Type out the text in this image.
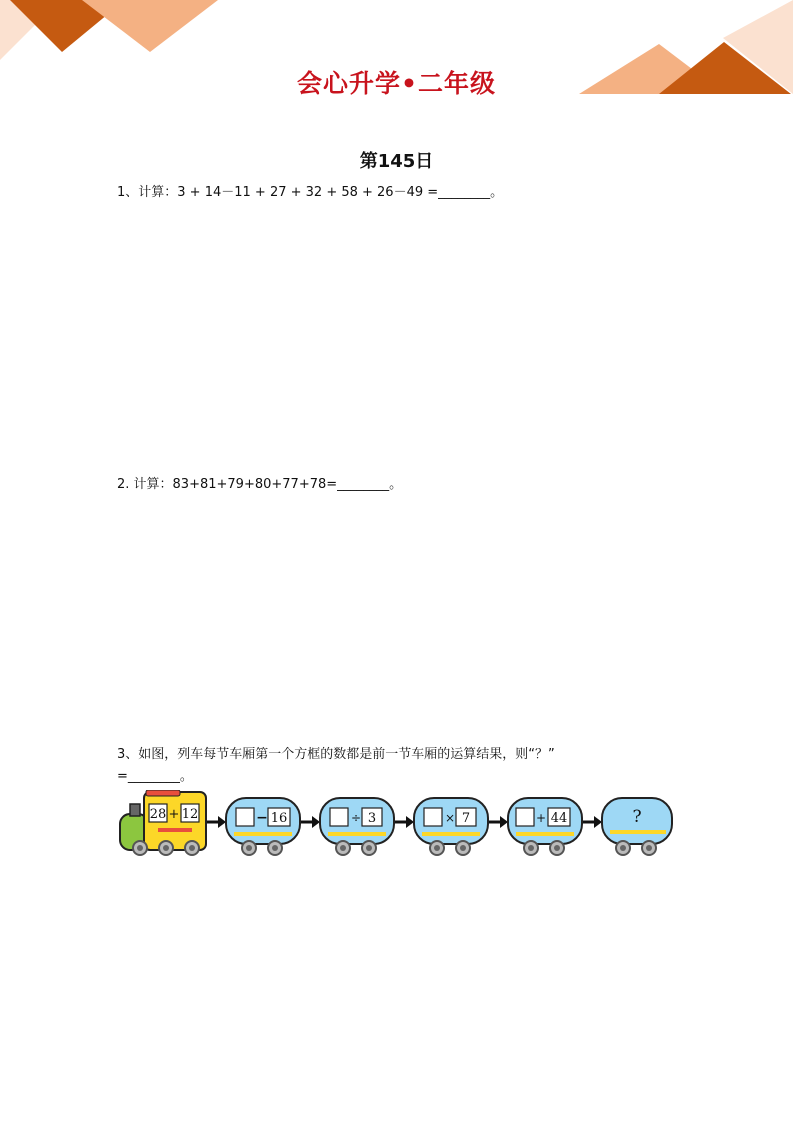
会心升学•二年级
第145日
1、计算：3 + 14－11 + 27 + 32 + 58 + 26－49 =________。
2. 计算：83+81+79+80+77+78=________。
3、如图，列车每节车厢第一个方框的数都是前一节车厢的运算结果，则“？”
=________。
28 + 12	− 16	÷ 3	× 7	+ 44	?
